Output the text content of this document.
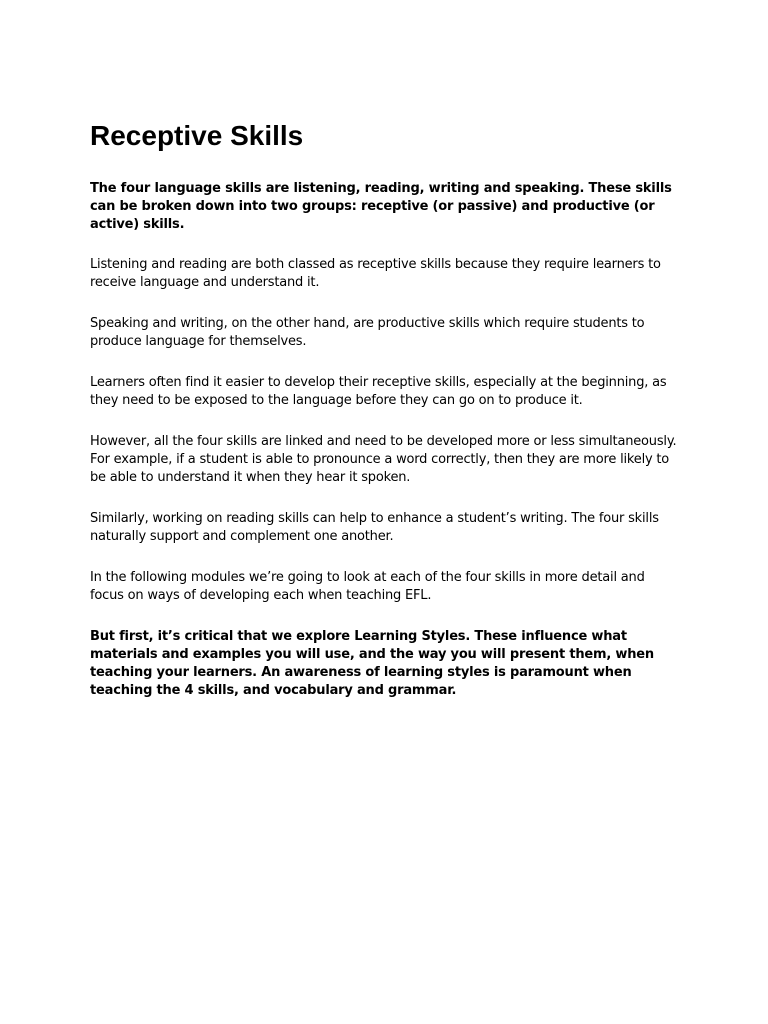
Receptive Skills

The four language skills are listening, reading, writing and speaking. These skills can be broken down into two groups: receptive (or passive) and productive (or active) skills.

Listening and reading are both classed as receptive skills because they require learners to receive language and understand it.

Speaking and writing, on the other hand, are productive skills which require students to produce language for themselves.

Learners often find it easier to develop their receptive skills, especially at the beginning, as they need to be exposed to the language before they can go on to produce it.

However, all the four skills are linked and need to be developed more or less simultaneously. For example, if a student is able to pronounce a word correctly, then they are more likely to be able to understand it when they hear it spoken.

Similarly, working on reading skills can help to enhance a student’s writing. The four skills naturally support and complement one another.

In the following modules we’re going to look at each of the four skills in more detail and focus on ways of developing each when teaching EFL.

But first, it’s critical that we explore Learning Styles. These influence what materials and examples you will use, and the way you will present them, when teaching your learners. An awareness of learning styles is paramount when teaching the 4 skills, and vocabulary and grammar.
